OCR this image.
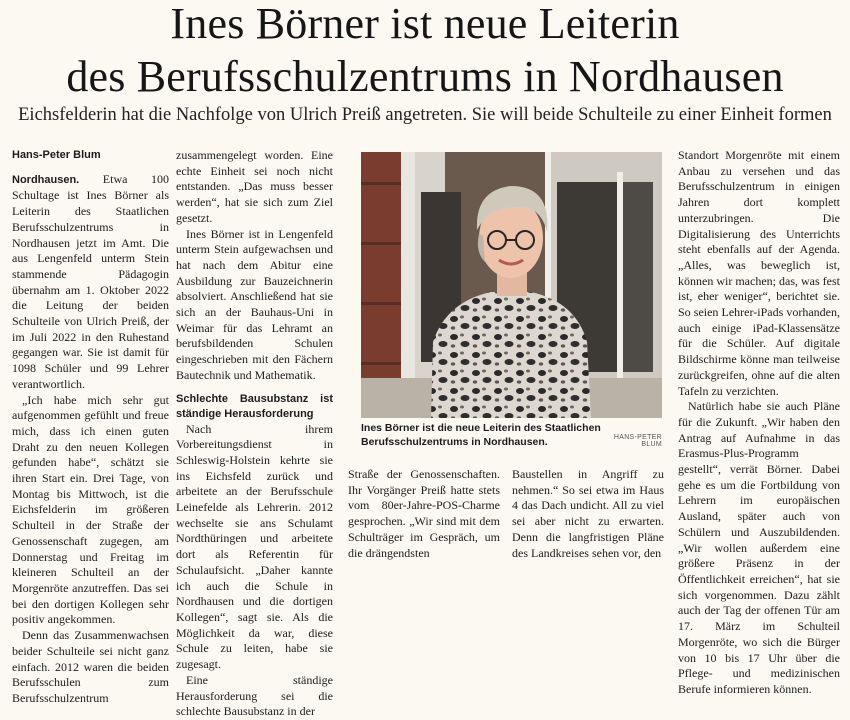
Ines Börner ist neue Leiterin
des Berufsschulzentrums in Nordhausen
Eichsfelderin hat die Nachfolge von Ulrich Preiß angetreten. Sie will beide Schulteile zu einer Einheit formen

Hans-Peter Blum

Nordhausen. Etwa 100 Schultage ist Ines Börner als Leiterin des Staatlichen Berufsschulzentrums in Nordhausen jetzt im Amt. Die aus Lengenfeld unterm Stein stammende Pädagogin übernahm am 1. Oktober 2022 die Leitung der beiden Schulteile von Ulrich Preiß, der im Juli 2022 in den Ruhestand gegangen war. Sie ist damit für 1098 Schüler und 99 Lehrer verantwortlich.

„Ich habe mich sehr gut aufgenommen gefühlt und freue mich, dass ich einen guten Draht zu den neuen Kollegen gefunden habe“, schätzt sie ihren Start ein. Drei Tage, von Montag bis Mittwoch, ist die Eichsfelderin im größeren Schulteil in der Straße der Genossenschaft zugegen, am Donnerstag und Freitag im kleineren Schulteil an der Morgenröte anzutreffen. Das sei bei den dortigen Kollegen sehr positiv angekommen.

Denn das Zusammenwachsen beider Schulteile sei nicht ganz einfach. 2012 waren die beiden Berufsschulen zum Berufsschulzentrum

zusammengelegt worden. Eine echte Einheit sei noch nicht entstanden. „Das muss besser werden“, hat sie sich zum Ziel gesetzt.

Ines Börner ist in Lengenfeld unterm Stein aufgewachsen und hat nach dem Abitur eine Ausbildung zur Bauzeichnerin absolviert. Anschließend hat sie sich an der Bauhaus-Uni in Weimar für das Lehramt an berufsbildenden Schulen eingeschrieben mit den Fächern Bautechnik und Mathematik.

Schlechte Bausubstanz ist ständige Herausforderung

Nach ihrem Vorbereitungsdienst in Schleswig-Holstein kehrte sie ins Eichsfeld zurück und arbeitete an der Berufsschule Leinefelde als Lehrerin. 2012 wechselte sie ans Schulamt Nordthüringen und arbeitete dort als Referentin für Schulaufsicht. „Daher kannte ich auch die Schule in Nordhausen und die dortigen Kollegen“, sagt sie. Als die Möglichkeit da war, diese Schule zu leiten, habe sie zugesagt.

Eine ständige Herausforderung sei die schlechte Bausubstanz in der

Ines Börner ist die neue Leiterin des Staatlichen Berufsschulzentrums in Nordhausen.	HANS-PETER BLUM

Straße der Genossenschaften. Ihr Vorgänger Preiß hatte stets vom 80er-Jahre-POS-Charme gesprochen. „Wir sind mit dem Schulträger im Gespräch, um die drängendsten

Baustellen in Angriff zu nehmen.“ So sei etwa im Haus 4 das Dach undicht. All zu viel sei aber nicht zu erwarten. Denn die langfristigen Pläne des Landkreises sehen vor, den

Standort Morgenröte mit einem Anbau zu versehen und das Berufsschulzentrum in einigen Jahren dort komplett unterzubringen. Die Digitalisierung des Unterrichts steht ebenfalls auf der Agenda. „Alles, was beweglich ist, können wir machen; das, was fest ist, eher weniger“, berichtet sie. So seien Lehrer-iPads vorhanden, auch einige iPad-Klassensätze für die Schüler. Auf digitale Bildschirme könne man teilweise zurückgreifen, ohne auf die alten Tafeln zu verzichten.

Natürlich habe sie auch Pläne für die Zukunft. „Wir haben den Antrag auf Aufnahme in das Erasmus-Plus-Programm gestellt“, verrät Börner. Dabei gehe es um die Fortbildung von Lehrern im europäischen Ausland, später auch von Schülern und Auszubildenden. „Wir wollen außerdem eine größere Präsenz in der Öffentlichkeit erreichen“, hat sie sich vorgenommen. Dazu zählt auch der Tag der offenen Tür am 17. März im Schulteil Morgenröte, wo sich die Bürger von 10 bis 17 Uhr über die Pflege- und medizinischen Berufe informieren können.
